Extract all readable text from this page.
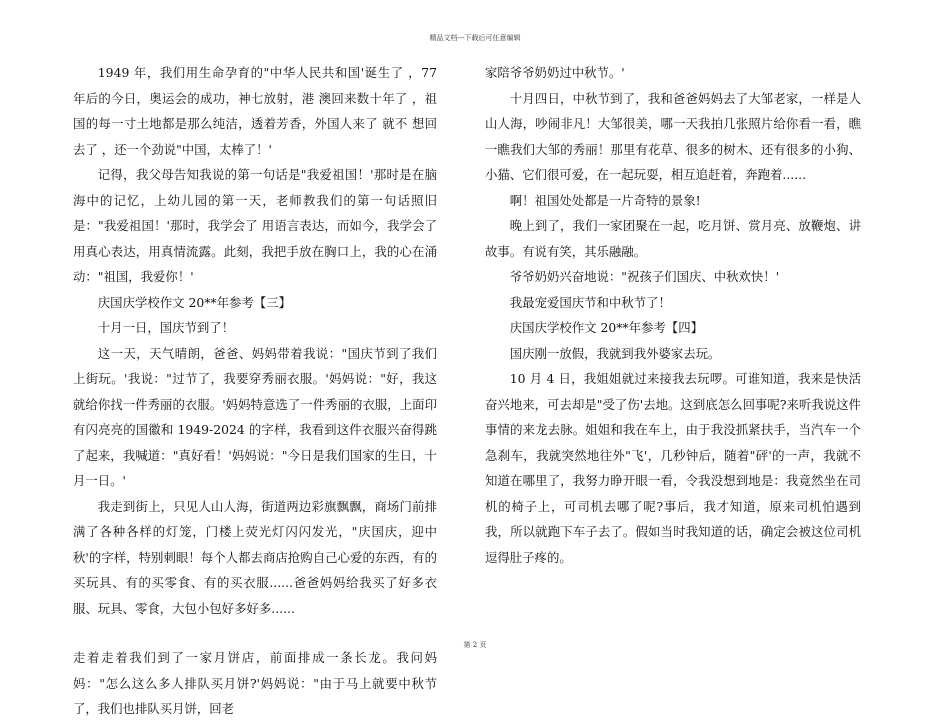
精品文档---下载后可任意编辑

1949 年，我们用生命孕育的"中华人民共和国'诞生了 ，77 年后的今日，奥运会的成功，神七放射，港 澳回来数十年了 ，祖国的每一寸土地都是那么纯洁，透着芳香，外国人来了 就不 想回去了 ，还一个劲说"中国，太棒了！'

记得，我父母告知我说的第一句话是"我爱祖国！'那时是在脑海中的记忆，上幼儿园的第一天，老师教我们的第一句话照旧是："我爱祖国！'那时，我学会了 用语言表达，而如今，我学会了 用真心表达，用真情流露。此刻，我把手放在胸口上，我的心在涌动："祖国，我爱你！'

庆国庆学校作文 20**年参考【三】

十月一日，国庆节到了！

这一天，天气晴朗，爸爸、妈妈带着我说："国庆节到了我们上街玩。'我说："过节了，我要穿秀丽衣服。'妈妈说："好，我这就给你找一件秀丽的衣服。'妈妈特意选了一件秀丽的衣服，上面印有闪亮亮的国徽和 1949-2024 的字样，我看到这件衣服兴奋得跳了起来，我喊道："真好看！'妈妈说："今日是我们国家的生日，十月一日。'

我走到街上，只见人山人海，街道两边彩旗飘飘，商场门前排满了各种各样的灯笼，门楼上荧光灯闪闪发光，"庆国庆，迎中秋'的字样，特别刺眼！每个人都去商店抢购自己心爱的东西，有的买玩具、有的买零食、有的买衣服......爸爸妈妈给我买了好多衣服、玩具、零食，大包小包好多好多......

走着走着我们到了一家月饼店，前面排成一条长龙。我问妈妈："怎么这么多人排队买月饼?'妈妈说："由于马上就要中秋节了，我们也排队买月饼，回老

家陪爷爷奶奶过中秋节。'

十月四日，中秋节到了，我和爸爸妈妈去了大邹老家，一样是人山人海，吵闹非凡！大邹很美，哪一天我拍几张照片给你看一看，瞧一瞧我们大邹的秀丽！那里有花草、很多的树木、还有很多的小狗、小猫、它们很可爱，在一起玩耍，相互追赶着，奔跑着......

啊！祖国处处都是一片奇特的景象!

晚上到了，我们一家团聚在一起，吃月饼、赏月亮、放鞭炮、讲故事。有说有笑，其乐融融。

爷爷奶奶兴奋地说："祝孩子们国庆、中秋欢快！'

我最宠爱国庆节和中秋节了！

庆国庆学校作文 20**年参考【四】

国庆刚一放假，我就到我外婆家去玩。

10 月 4 日，我姐姐就过来接我去玩啰。可谁知道，我来是快活奋兴地来，可去却是"受了伤'去地。这到底怎么回事呢?来听我说这件事情的来龙去脉。姐姐和我在车上，由于我没抓紧扶手，当汽车一个急刹车，我就突然地往外"飞'，几秒钟后，随着"砰'的一声，我就不知道在哪里了，我努力睁开眼一看，令我没想到地是：我竟然坐在司机的椅子上，可司机去哪了呢?事后，我才知道，原来司机怕遇到我，所以就跑下车子去了。假如当时我知道的话，确定会被这位司机逗得肚子疼的。

第 2 页
